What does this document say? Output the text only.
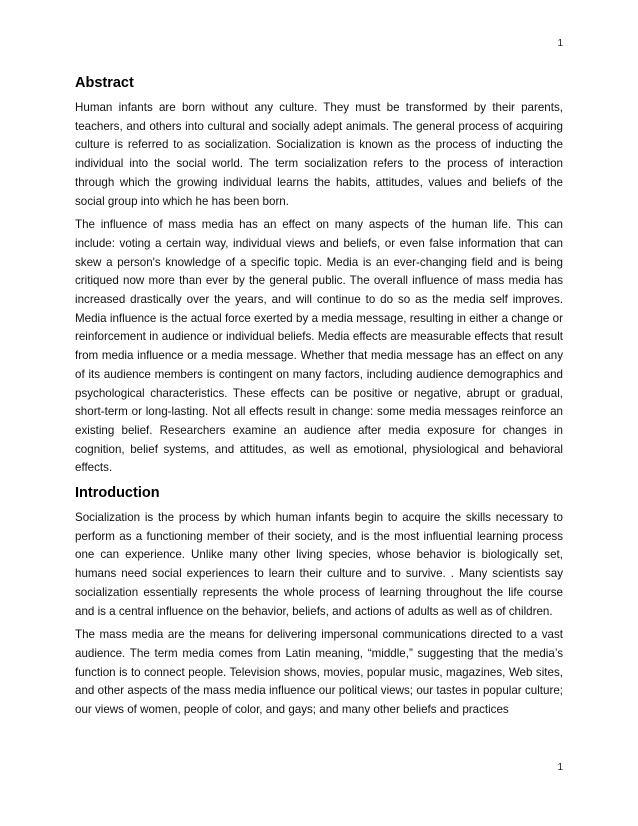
1
Abstract

Human infants are born without any culture. They must be transformed by their parents, teachers, and others into cultural and socially adept animals. The general process of acquiring culture is referred to as socialization. Socialization is known as the process of inducting the individual into the social world. The term socialization refers to the process of interaction through which the growing individual learns the habits, attitudes, values and beliefs of the social group into which he has been born.

The influence of mass media has an effect on many aspects of the human life. This can include: voting a certain way, individual views and beliefs, or even false information that can skew a person's knowledge of a specific topic. Media is an ever-changing field and is being critiqued now more than ever by the general public. The overall influence of mass media has increased drastically over the years, and will continue to do so as the media self improves. Media influence is the actual force exerted by a media message, resulting in either a change or reinforcement in audience or individual beliefs. Media effects are measurable effects that result from media influence or a media message. Whether that media message has an effect on any of its audience members is contingent on many factors, including audience demographics and psychological characteristics. These effects can be positive or negative, abrupt or gradual, short-term or long-lasting. Not all effects result in change: some media messages reinforce an existing belief. Researchers examine an audience after media exposure for changes in cognition, belief systems, and attitudes, as well as emotional, physiological and behavioral effects.

Introduction

Socialization is the process by which human infants begin to acquire the skills necessary to perform as a functioning member of their society, and is the most influential learning process one can experience. Unlike many other living species, whose behavior is biologically set, humans need social experiences to learn their culture and to survive. . Many scientists say socialization essentially represents the whole process of learning throughout the life course and is a central influence on the behavior, beliefs, and actions of adults as well as of children.

The mass media are the means for delivering impersonal communications directed to a vast audience. The term media comes from Latin meaning, “middle,” suggesting that the media’s function is to connect people. Television shows, movies, popular music, magazines, Web sites, and other aspects of the mass media influence our political views; our tastes in popular culture; our views of women, people of color, and gays; and many other beliefs and practices

1
